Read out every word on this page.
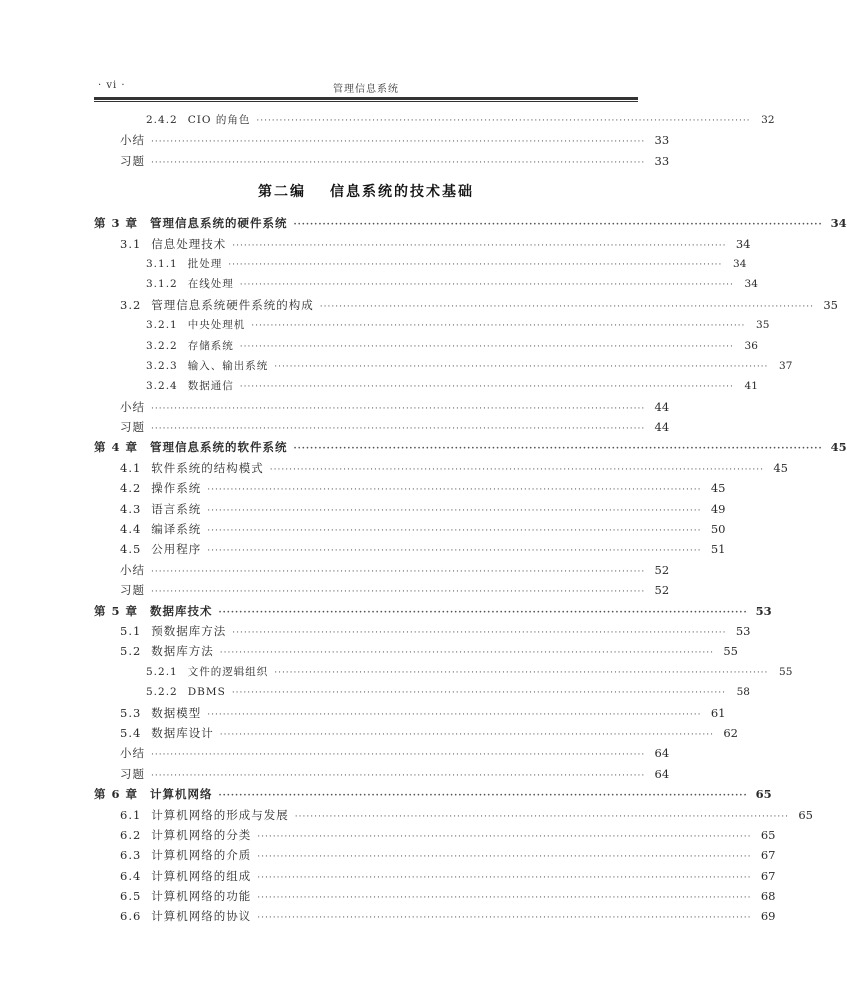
· vi ·	管理信息系统
2.4.2 CIO 的角色 ································································································································	32
小结 ································································································································ 33
习题 ································································································································ 33
第二编 信息系统的技术基础
第 3 章 管理信息系统的硬件系统 ································································································································ 34
3.1 信息处理技术 ································································································································ 34
3.1.1 批处理 ································································································································	34
3.1.2 在线处理 ································································································································	34
3.2 管理信息系统硬件系统的构成 ································································································································ 35
3.2.1 中央处理机 ································································································································	35
3.2.2 存储系统 ································································································································	36
3.2.3 输入、输出系统 ································································································································	37
3.2.4 数据通信 ································································································································	41
小结 ································································································································ 44
习题 ································································································································ 44
第 4 章 管理信息系统的软件系统 ································································································································ 45
4.1 软件系统的结构模式 ································································································································ 45
4.2 操作系统 ································································································································ 45
4.3 语言系统 ································································································································ 49
4.4 编译系统 ································································································································ 50
4.5 公用程序 ································································································································ 51
小结 ································································································································ 52
习题 ································································································································ 52
第 5 章 数据库技术 ································································································································ 53
5.1 预数据库方法 ································································································································ 53
5.2 数据库方法 ································································································································ 55
5.2.1 文件的逻辑组织 ································································································································	55
5.2.2 DBMS ································································································································	58
5.3 数据模型 ································································································································ 61
5.4 数据库设计 ································································································································ 62
小结 ································································································································ 64
习题 ································································································································ 64
第 6 章 计算机网络 ································································································································ 65
6.1 计算机网络的形成与发展 ································································································································ 65
6.2 计算机网络的分类 ································································································································ 65
6.3 计算机网络的介质 ································································································································ 67
6.4 计算机网络的组成 ································································································································ 67
6.5 计算机网络的功能 ································································································································ 68
6.6 计算机网络的协议 ································································································································ 69
